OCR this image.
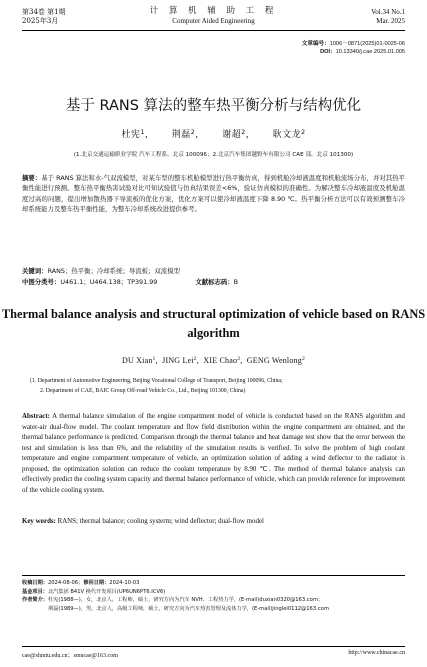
第34卷 第1期
2025年3月
计 算 机 辅 助 工 程
Computer Aided Engineering
Vol.34 No.1
Mar. 2025
文章编号：1006－0871(2025)01-0025-06
DOI：10.13340/j.cae.2025.01.005
基于 RANS 算法的整车热平衡分析与结构优化
杜宪$^1$， 荆磊$^2$， 谢超$^2$， 耿文龙$^2$
(1.北京交通运输职业学院 汽车工程系，北京 100096；2.北京汽车集团越野车有限公司 CAE 部，北京 101300)
摘要：基于 RANS 算法和水-气双流模型，对某车型的整车机舱模型进行热平衡仿真，得到机舱冷却液温度和机舱流场分布，并对其热平衡性能进行预测。整车热平衡热害试验对比可知试验值与仿真结果误差<6%，验证仿真模拟的准确性。为解决整车冷却液温度及机舱温度过高的问题，提出增加散热器下导流板的优化方案，优化方案可以使冷却液温度下降 8.90 ℃。热平衡分析方法可以有效预测整车冷却系统能力及整车热平衡性能，为整车冷却系统改进提供参考。
关键词：RANS；热平衡；冷却系统；导流板；双流模型
中图分类号：U461.1；U464.138；TP391.99	文献标志码：B
Thermal balance analysis and structural optimization of vehicle based on RANS algorithm
DU Xian$^1$,  JING Lei$^2$,  XIE Chao$^2$,  GENG Wenlong$^2$
(1. Department of Automotive Engineering, Beijing Vocational College of Transport, Beijing 100096, China;
2. Department of CAE, BAIC Group Off-road Vehicle Co., Ltd., Beijing 101300, China)
Abstract: A thermal balance simulation of the engine compartment model of vehicle is conducted based on the RANS algorithm and water-air dual-flow model. The coolant temperature and flow field distribution within the engine compartment are obtained, and the thermal balance performance is predicted. Comparison through the thermal balance and heat damage test show that the error between the test and simulation is less than 6%, and the reliability of the simulation results is verified. To solve the problem of high coolant temperature and engine compartment temperature of vehicle, an optimization solution of adding a wind deflector to the radiator is proposed, the optimization solution can reduce the coolant temperature by 8.90 ℃. The method of thermal balance analysis can effectively predict the cooling system capacity and thermal balance performance of vehicle, which can provide reference for improvement of the vehicle cooling system.
Key words: RANS; thermal balance; cooling systerm; wind deflector; dual-flow model
收稿日期：2024-08-06；修回日期：2024-10-03
基金项目：北汽集团 B41V 换代开发项目(UP6UN6PT6.ICV6)
作者简介：杜宪(1988—)，女，北京人，工程师，硕士，研究方向为汽车 NVH、工程热力学，(E-mail)duxian0320@163.com；
荆磊(1989—)，男，北京人，高级工程师，硕士，研究方向为汽车热害管理及流体力学，(E-mail)jinglei0112@163.com
cae@shmtu.edu.cn；smucae@163.com	http://www.chinacae.cn
